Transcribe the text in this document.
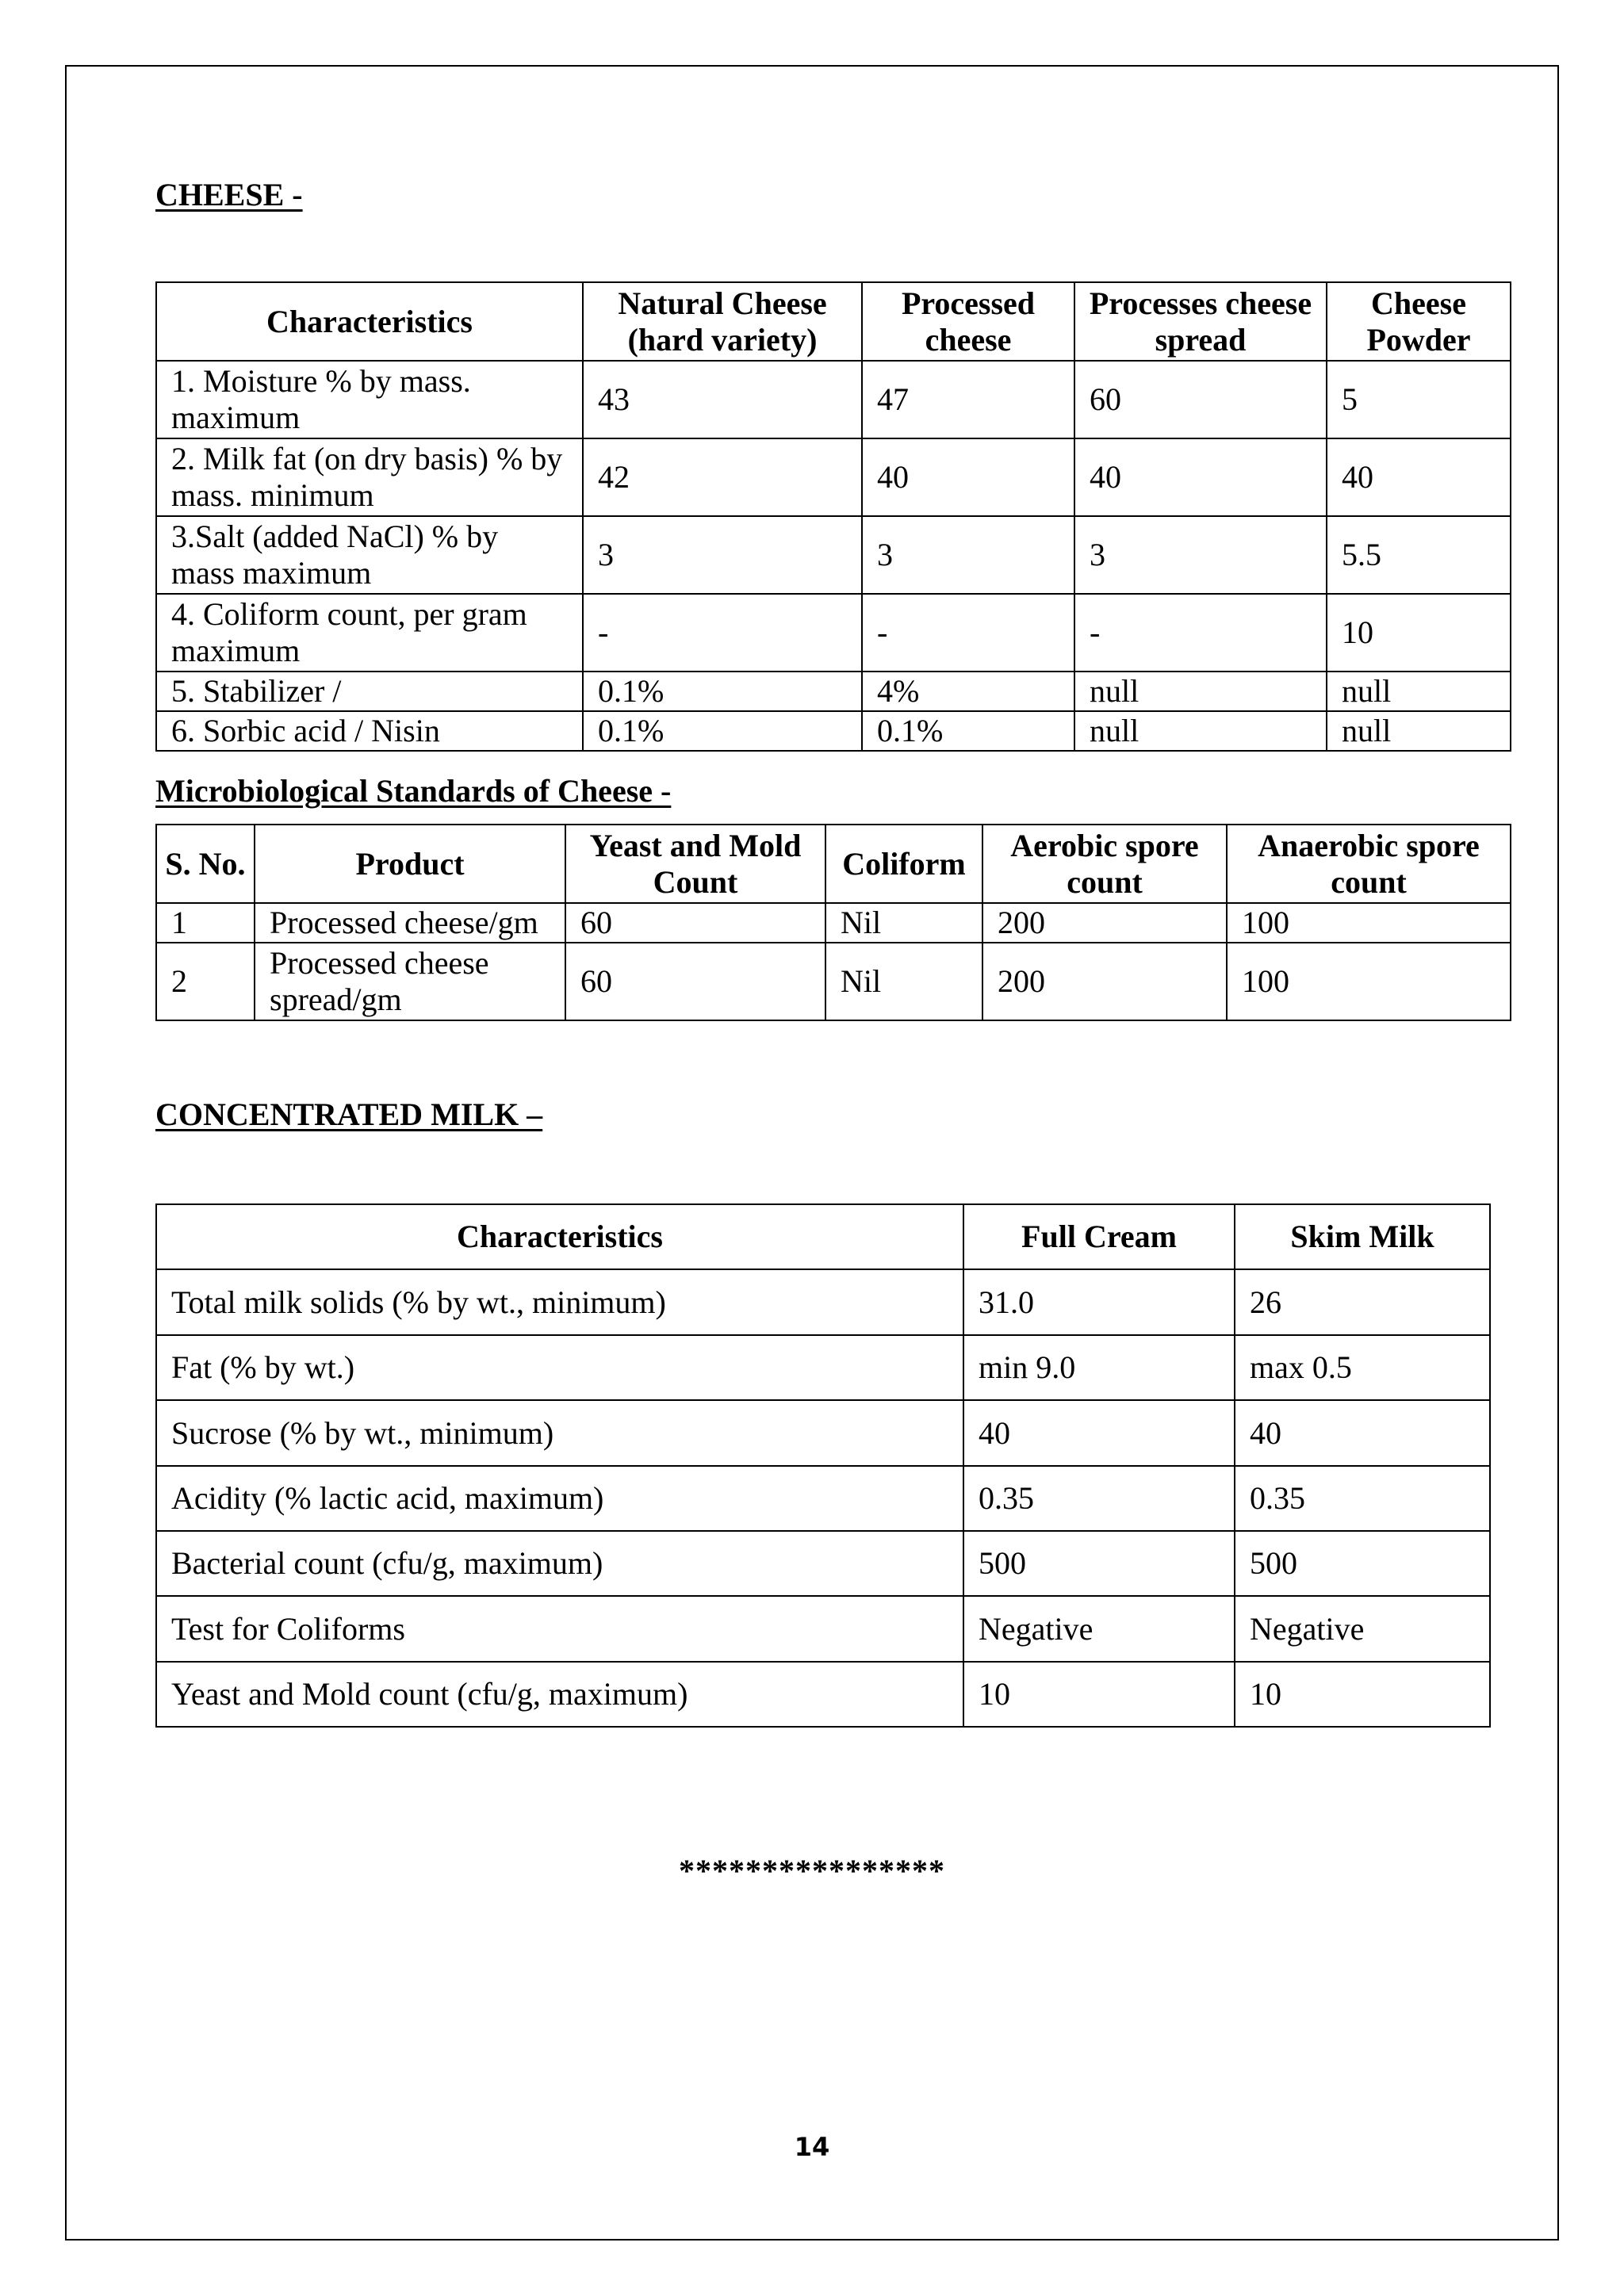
CHEESE -
Characteristics	Natural Cheese (hard variety)	Processed cheese	Processes cheese spread	Cheese Powder
1. Moisture % by mass. maximum	43	47	60	5
2. Milk fat (on dry basis) % by mass. minimum	42	40	40	40
3.Salt (added NaCl) % by mass maximum	3	3	3	5.5
4. Coliform count, per gram maximum	-	-	-	10
5. Stabilizer /	0.1%	4%	null	null
6. Sorbic acid / Nisin	0.1%	0.1%	null	null
Microbiological Standards of Cheese -
S. No.	Product	Yeast and Mold Count	Coliform	Aerobic spore count	Anaerobic spore count
1	Processed cheese/gm	60	Nil	200	100
2	Processed cheese spread/gm	60	Nil	200	100
CONCENTRATED MILK –
Characteristics	Full Cream	Skim Milk
Total milk solids (% by wt., minimum)	31.0	26
Fat (% by wt.)	min 9.0	max 0.5
Sucrose (% by wt., minimum)	40	40
Acidity (% lactic acid, maximum)	0.35	0.35
Bacterial count (cfu/g, maximum)	500	500
Test for Coliforms	Negative	Negative
Yeast and Mold count (cfu/g, maximum)	10	10
****************
14
